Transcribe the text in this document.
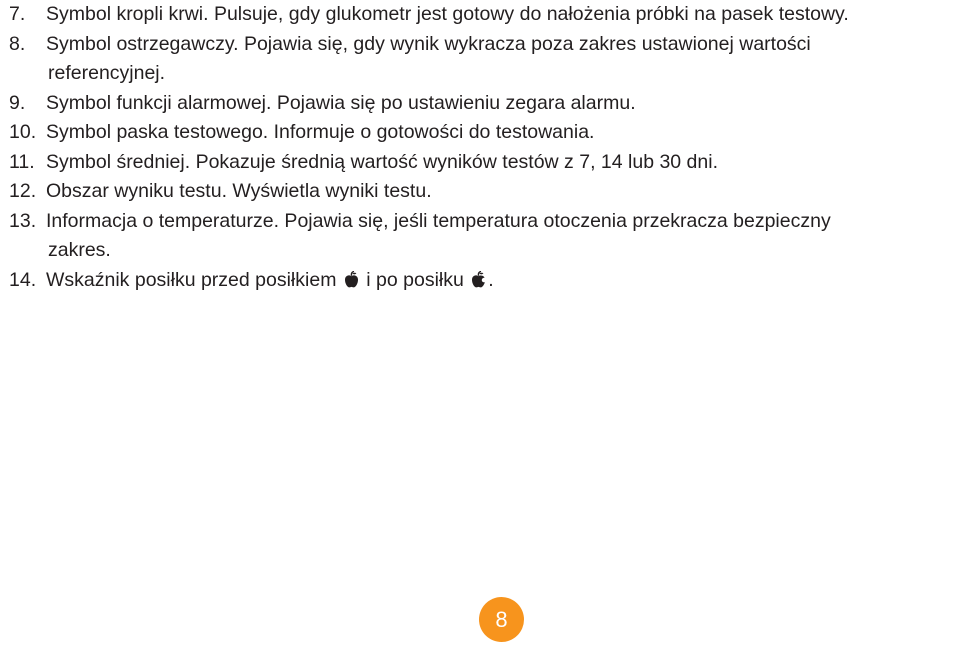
7. Symbol kropli krwi. Pulsuje, gdy glukometr jest gotowy do nałożenia próbki na pasek testowy.
8. Symbol ostrzegawczy. Pojawia się, gdy wynik wykracza poza zakres ustawionej wartości
referencyjnej.
9. Symbol funkcji alarmowej. Pojawia się po ustawieniu zegara alarmu.
10. Symbol paska testowego. Informuje o gotowości do testowania.
11. Symbol średniej. Pokazuje średnią wartość wyników testów z 7, 14 lub 30 dni.
12. Obszar wyniku testu. Wyświetla wyniki testu.
13. Informacja o temperaturze. Pojawia się, jeśli temperatura otoczenia przekracza bezpieczny
zakres.
14. Wskaźnik posiłku przed posiłkiem i po posiłku .
8
